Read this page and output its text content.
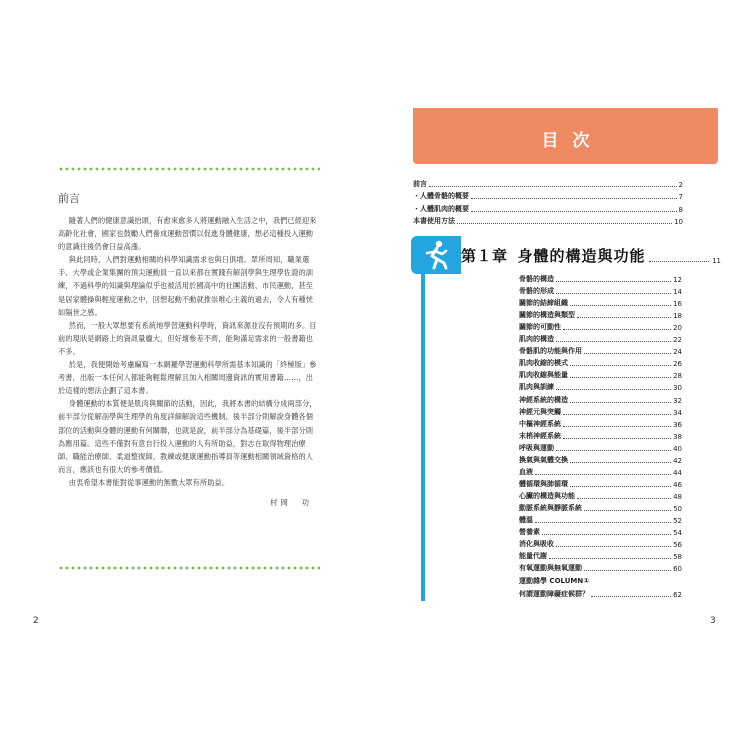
前言

隨著人們的健康意識抬頭，有愈來愈多人將運動融入生活之中，我們已經迎來高齡化社會，國家也鼓勵人們養成運動習慣以促進身體健康，想必這種投入運動的意識往後仍會日益高漲。

與此同時，人們對運動相關的科學知識需求也與日俱增。眾所周知，職業選手、大學或企業集團的頂尖運動員一直以來都在實踐有解剖學與生理學佐證的訓練，不過科學的知識與理論似乎也被活用於國高中的社團活動、市民運動，甚至是居家體操與輕度運動之中，回想起動不動就推崇唯心主義的過去，令人有種恍如隔世之感。

然而，一般大眾想要有系統地學習運動科學時，資訊來源並沒有預期的多。目前的現狀是網路上的資訊量龐大，但好壞參差不齊，能夠滿足需求的一般書籍也不多。

於是，我便開始考慮編寫一本網羅學習運動科學所需基本知識的「終極版」參考書，出版一本任何人都能夠輕鬆理解且加入相關周邊資訊的實用書籍……，出於這樣的想法企劃了這本書。

身體運動的本質便是肌肉與關節的活動，因此，我將本書的結構分成兩部分，前半部分從解剖學與生理學的角度詳細解說這些機制，後半部分則解說身體各個部位的活動與身體的運動有何關聯，也就是說，前半部分為基礎篇，後半部分則為應用篇。這些不僅對有意自行投入運動的人有所助益，對志在取得物理治療師、職能治療師、柔道整復師、教練或健康運動指導員等運動相關領域資格的人而言，應該也有很大的參考價值。

由衷希望本書能對從事運動的無數大眾有所助益。

村岡　功
2
目次
前言	2
・人體骨骼的概要	7
・人體肌肉的概要	8
本書使用方法	10
第１章 身體的構造與功能	11
骨骼的構造	12
骨骼的形成	14
關節的結締組織	16
關節的構造與類型	18
關節的可動性	20
肌肉的構造	22
骨骼肌的功能與作用	24
肌肉收縮的模式	26
肌肉收縮與能量	28
肌肉與訓練	30
神經系統的構造	32
神經元與突觸	34
中樞神經系統	36
末梢神經系統	38
呼吸與運動	40
換氣與氣體交換	42
血液	44
體循環與肺循環	46
心臟的構造與功能	48
動脈系統與靜脈系統	50
體溫	52
營養素	54
消化與吸收	56
能量代謝	58
有氧運動與無氧運動	60
運動雜學 COLUMN①
何謂運動障礙症候群？	62
3
